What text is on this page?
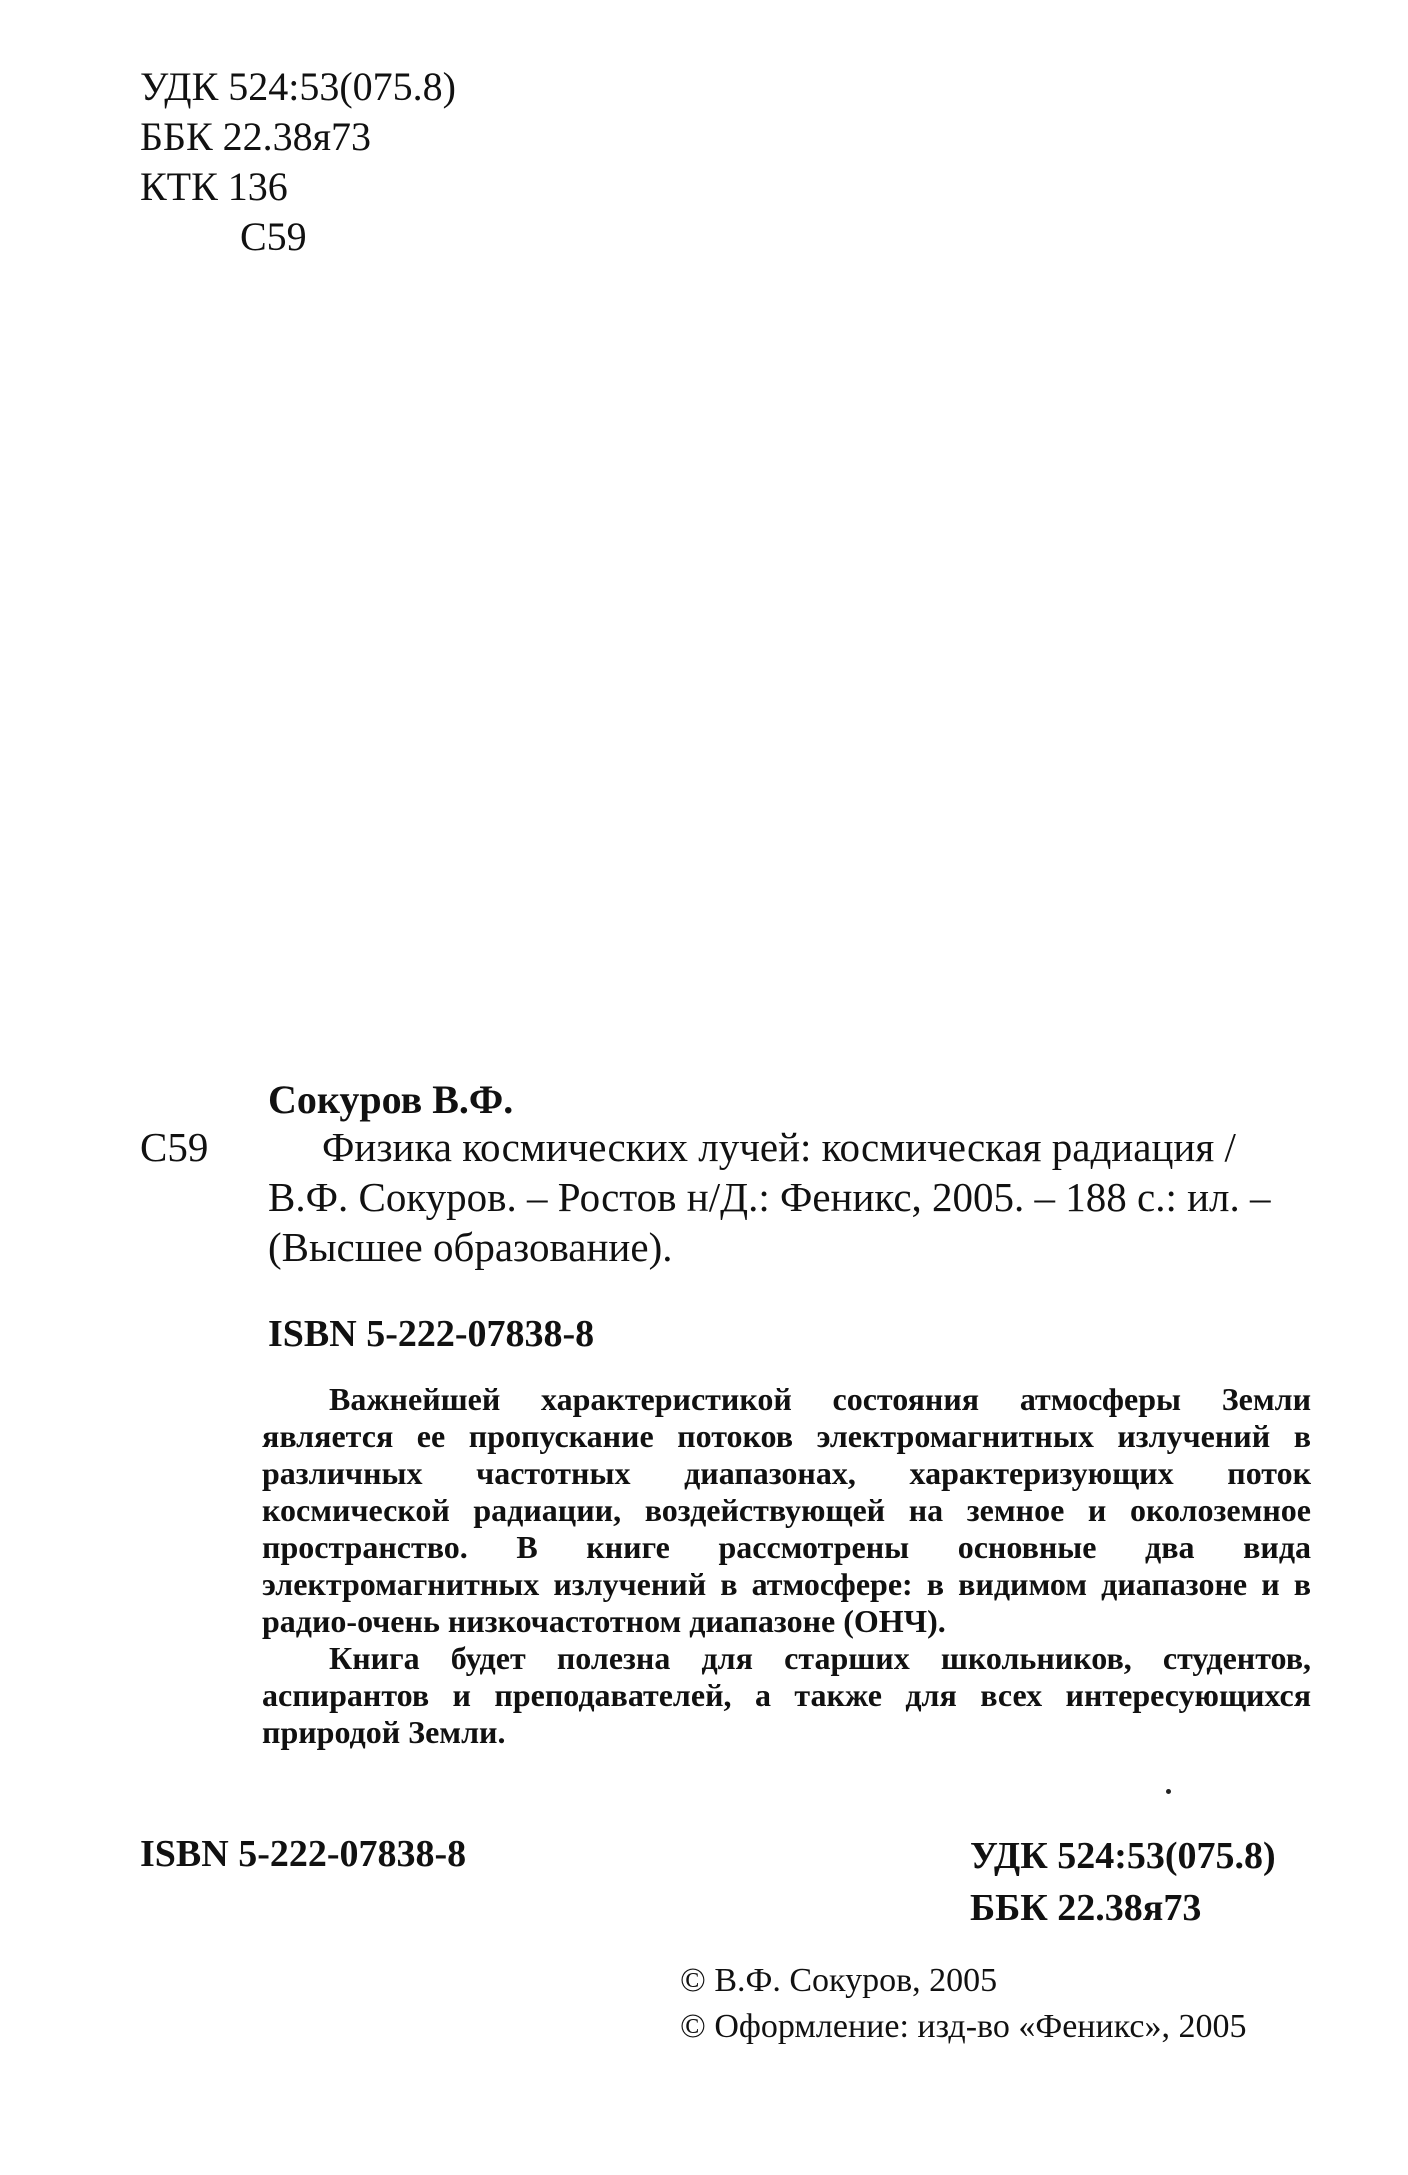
УДК 524:53(075.8)
ББК 22.38я73
КТК 136
С59
Сокуров В.Ф.
С59	Физика космических лучей: космическая радиация /
В.Ф. Сокуров. – Ростов н/Д.: Феникс, 2005. – 188 с.: ил. –
(Высшее образование).
ISBN 5-222-07838-8

Важнейшей характеристикой состояния атмосферы Земли является ее пропускание потоков электромагнитных излучений в различных частотных диапазонах, характеризующих поток космической радиации, воздействующей на земное и околоземное пространство. В книге рассмотрены основные два вида электромагнитных излучений в атмосфере: в видимом диапазоне и в радио-очень низкочастотном диапазоне (ОНЧ).

Книга будет полезна для старших школьников, студентов, аспирантов и преподавателей, а также для всех интересующихся природой Земли.

ISBN 5-222-07838-8	УДК 524:53(075.8)
ББК 22.38я73
© В.Ф. Сокуров, 2005
© Оформление: изд-во «Феникс», 2005
